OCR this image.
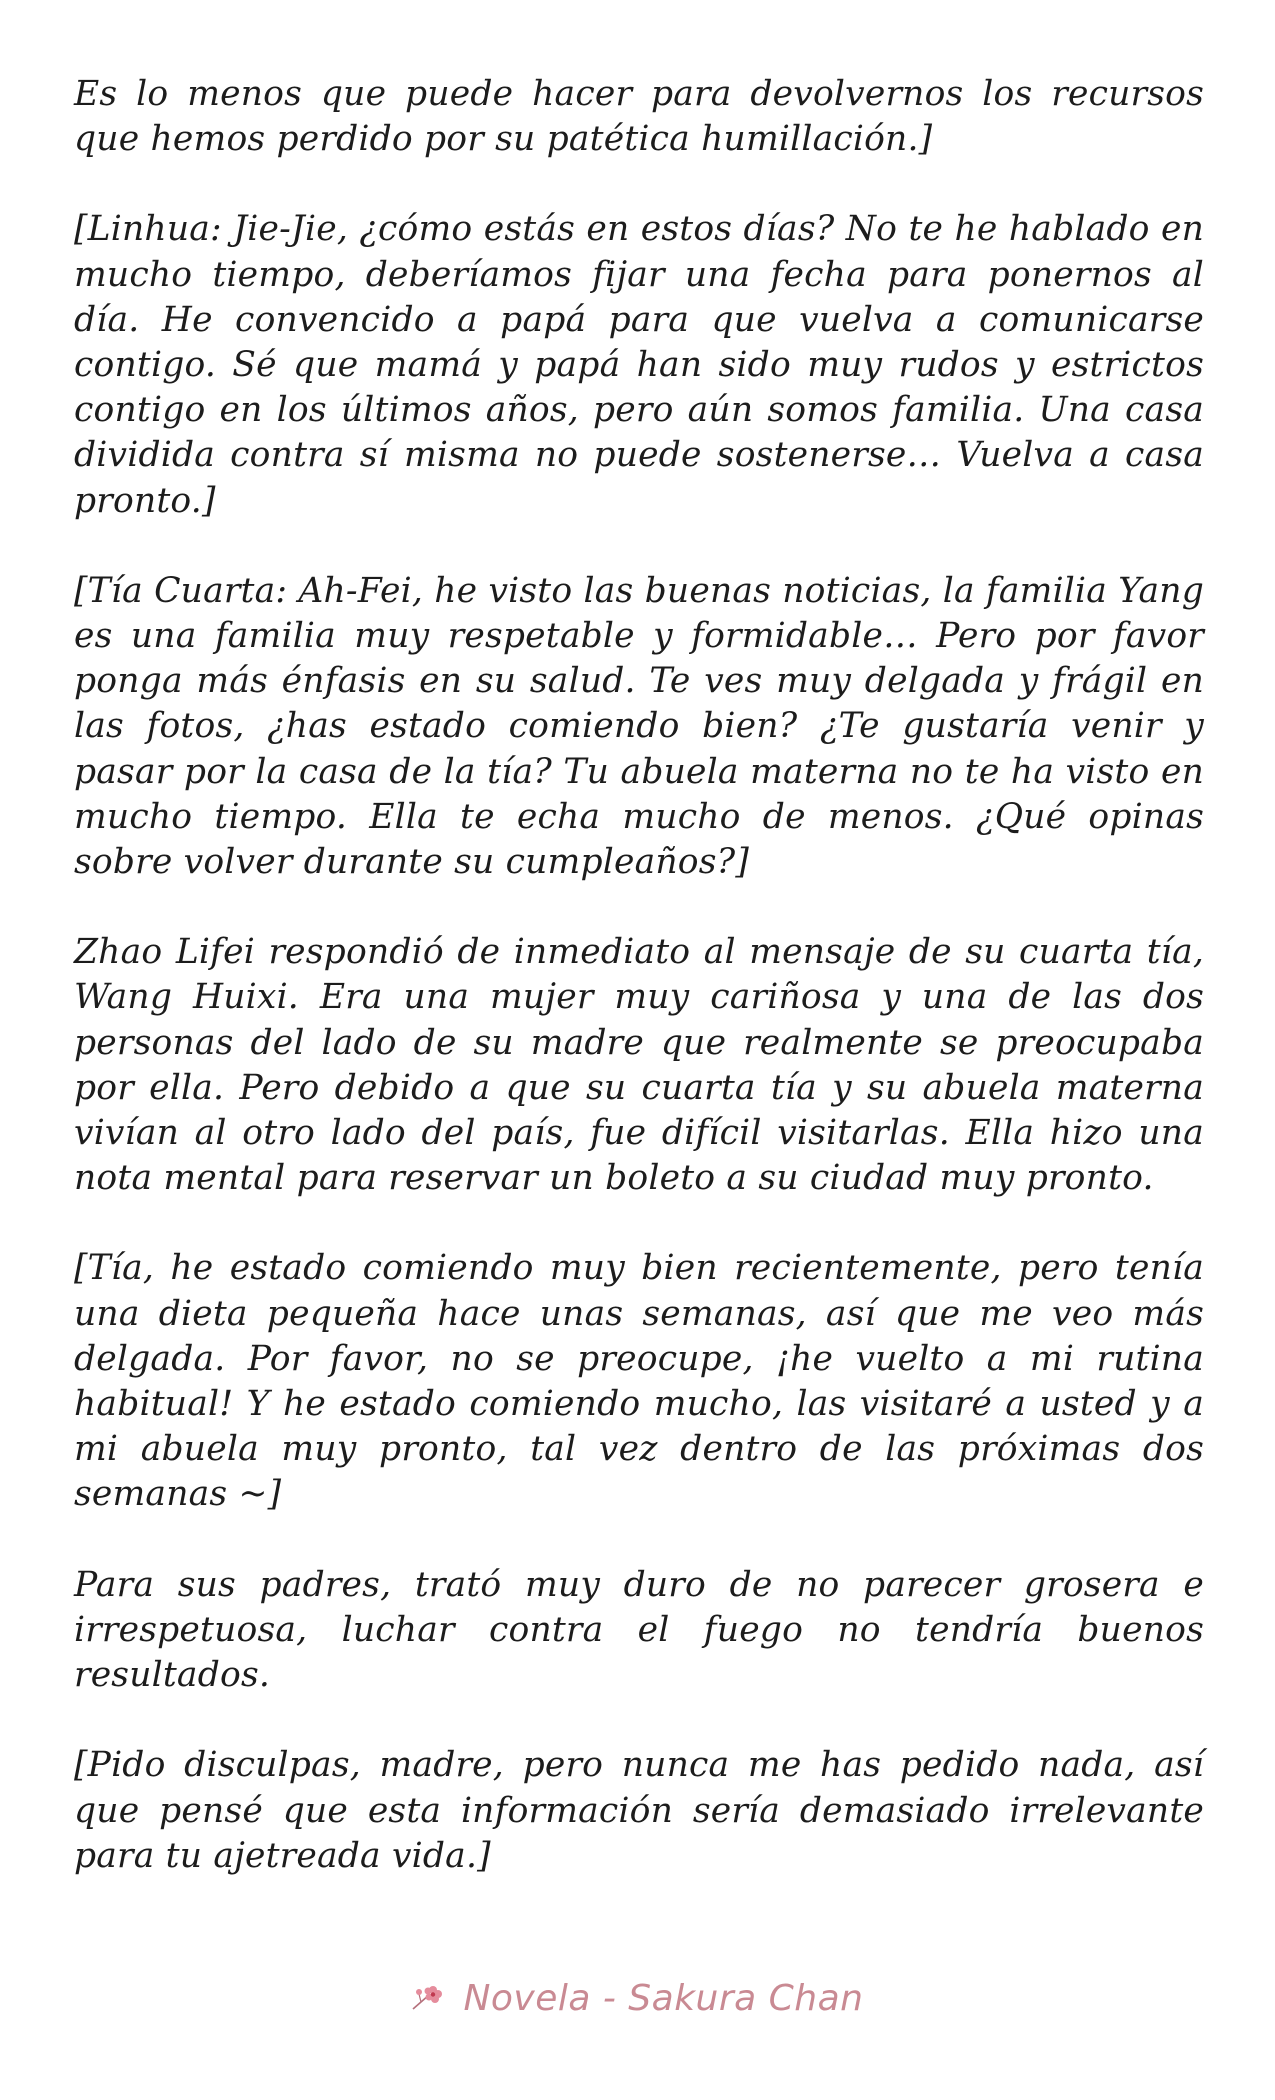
Es lo menos que puede hacer para devolvernos los recursos que hemos perdido por su patética humillación.]

[Linhua: Jie-Jie, ¿cómo estás en estos días? No te he hablado en mucho tiempo, deberíamos fijar una fecha para ponernos al día. He convencido a papá para que vuelva a comunicarse contigo. Sé que mamá y papá han sido muy rudos y estrictos contigo en los últimos años, pero aún somos familia. Una casa dividida contra sí misma no puede sostenerse… Vuelva a casa pronto.]

[Tía Cuarta: Ah-Fei, he visto las buenas noticias, la familia Yang es una familia muy respetable y formidable… Pero por favor ponga más énfasis en su salud. Te ves muy delgada y frágil en las fotos, ¿has estado comiendo bien? ¿Te gustaría venir y pasar por la casa de la tía? Tu abuela materna no te ha visto en mucho tiempo. Ella te echa mucho de menos. ¿Qué opinas sobre volver durante su cumpleaños?]

Zhao Lifei respondió de inmediato al mensaje de su cuarta tía, Wang Huixi. Era una mujer muy cariñosa y una de las dos personas del lado de su madre que realmente se preocupaba por ella. Pero debido a que su cuarta tía y su abuela materna vivían al otro lado del país, fue difícil visitarlas. Ella hizo una nota mental para reservar un boleto a su ciudad muy pronto.

[Tía, he estado comiendo muy bien recientemente, pero tenía una dieta pequeña hace unas semanas, así que me veo más delgada. Por favor, no se preocupe, ¡he vuelto a mi rutina habitual! Y he estado comiendo mucho, las visitaré a usted y a mi abuela muy pronto, tal vez dentro de las próximas dos semanas ~]

Para sus padres, trató muy duro de no parecer grosera e irrespetuosa, luchar contra el fuego no tendría buenos resultados.

[Pido disculpas, madre, pero nunca me has pedido nada, así que pensé que esta información sería demasiado irrelevante para tu ajetreada vida.]

Novela - Sakura Chan
